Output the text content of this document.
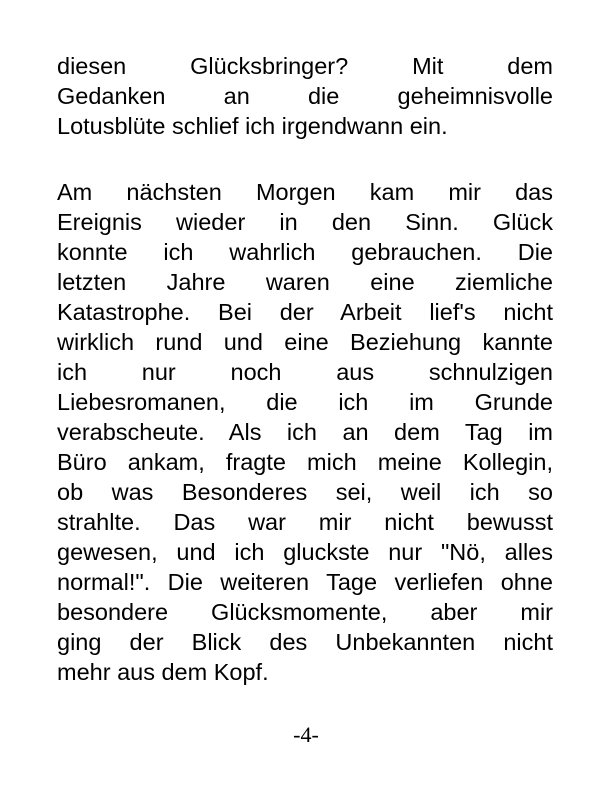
diesen Glücksbringer? Mit dem
Gedanken an die geheimnisvolle
Lotusblüte schlief ich irgendwann ein.
Am nächsten Morgen kam mir das
Ereignis wieder in den Sinn. Glück
konnte ich wahrlich gebrauchen. Die
letzten Jahre waren eine ziemliche
Katastrophe. Bei der Arbeit lief's nicht
wirklich rund und eine Beziehung kannte
ich nur noch aus schnulzigen
Liebesromanen, die ich im Grunde
verabscheute. Als ich an dem Tag im
Büro ankam, fragte mich meine Kollegin,
ob was Besonderes sei, weil ich so
strahlte. Das war mir nicht bewusst
gewesen, und ich gluckste nur "Nö, alles
normal!". Die weiteren Tage verliefen ohne
besondere Glücksmomente, aber mir
ging der Blick des Unbekannten nicht
mehr aus dem Kopf.
-4-
